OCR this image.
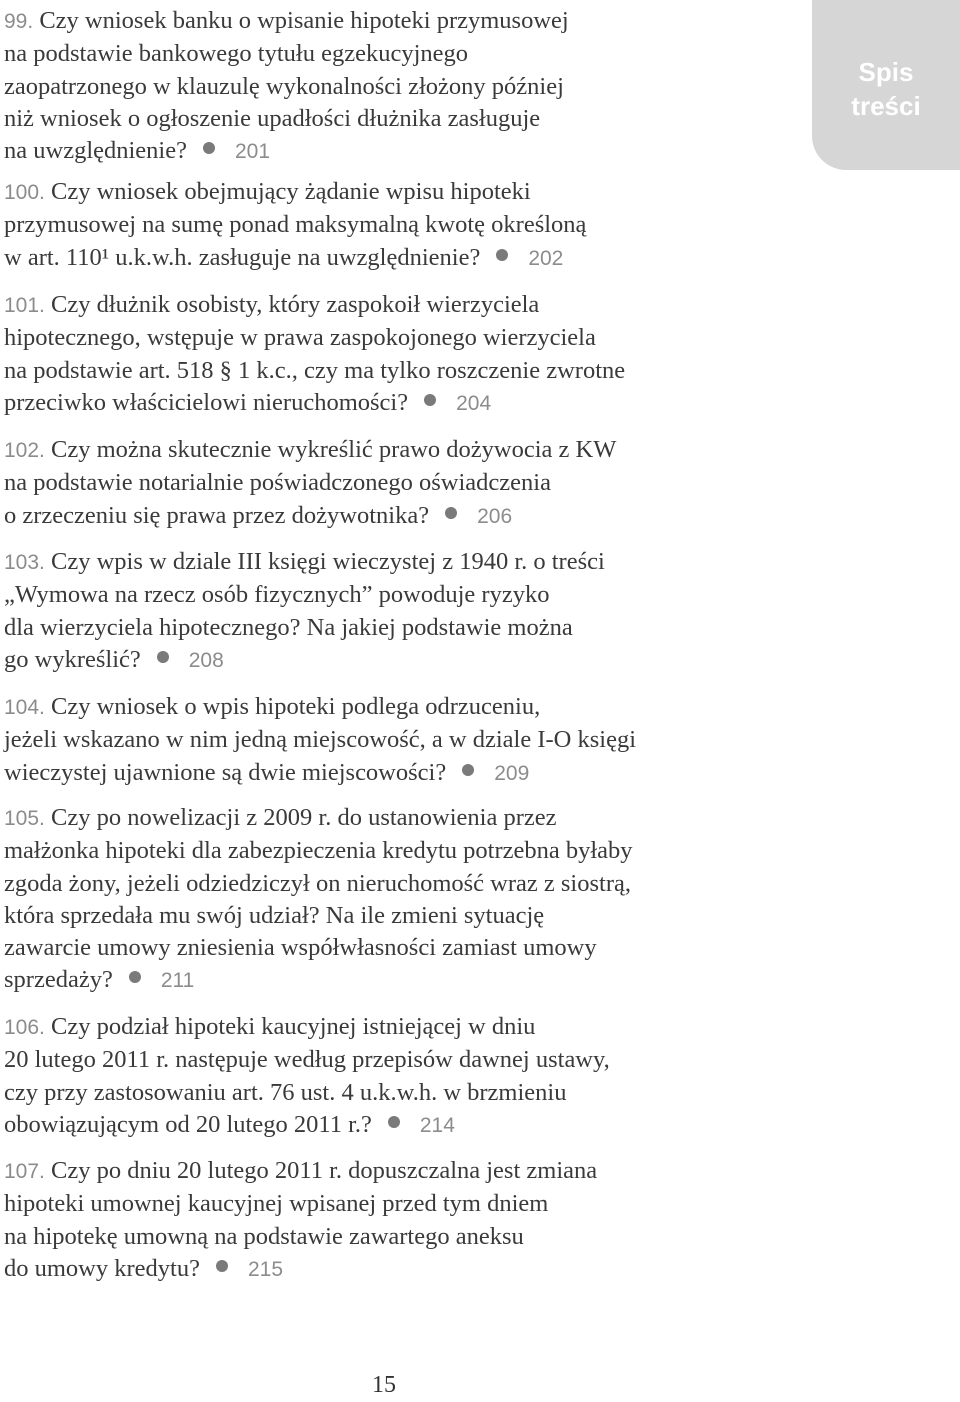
Spis
treści
99. Czy wniosek banku o wpisanie hipoteki przymusowej
na podstawie bankowego tytułu egzekucyjnego
zaopatrzonego w klauzulę wykonalności złożony później
niż wniosek o ogłoszenie upadłości dłużnika zasługuje
na uwzględnienie? 201
100. Czy wniosek obejmujący żądanie wpisu hipoteki
przymusowej na sumę ponad maksymalną kwotę określoną
w art. 110¹ u.k.w.h. zasługuje na uwzględnienie? 202
101. Czy dłużnik osobisty, który zaspokoił wierzyciela
hipotecznego, wstępuje w prawa zaspokojonego wierzyciela
na podstawie art. 518 § 1 k.c., czy ma tylko roszczenie zwrotne
przeciwko właścicielowi nieruchomości? 204
102. Czy można skutecznie wykreślić prawo dożywocia z KW
na podstawie notarialnie poświadczonego oświadczenia
o zrzeczeniu się prawa przez dożywotnika? 206
103. Czy wpis w dziale III księgi wieczystej z 1940 r. o treści
„Wymowa na rzecz osób fizycznych” powoduje ryzyko
dla wierzyciela hipotecznego? Na jakiej podstawie można
go wykreślić? 208
104. Czy wniosek o wpis hipoteki podlega odrzuceniu,
jeżeli wskazano w nim jedną miejscowość, a w dziale I-O księgi
wieczystej ujawnione są dwie miejscowości? 209
105. Czy po nowelizacji z 2009 r. do ustanowienia przez
małżonka hipoteki dla zabezpieczenia kredytu potrzebna byłaby
zgoda żony, jeżeli odziedziczył on nieruchomość wraz z siostrą,
która sprzedała mu swój udział? Na ile zmieni sytuację
zawarcie umowy zniesienia współwłasności zamiast umowy
sprzedaży? 211
106. Czy podział hipoteki kaucyjnej istniejącej w dniu
20 lutego 2011 r. następuje według przepisów dawnej ustawy,
czy przy zastosowaniu art. 76 ust. 4 u.k.w.h. w brzmieniu
obowiązującym od 20 lutego 2011 r.? 214
107. Czy po dniu 20 lutego 2011 r. dopuszczalna jest zmiana
hipoteki umownej kaucyjnej wpisanej przed tym dniem
na hipotekę umowną na podstawie zawartego aneksu
do umowy kredytu? 215
15
